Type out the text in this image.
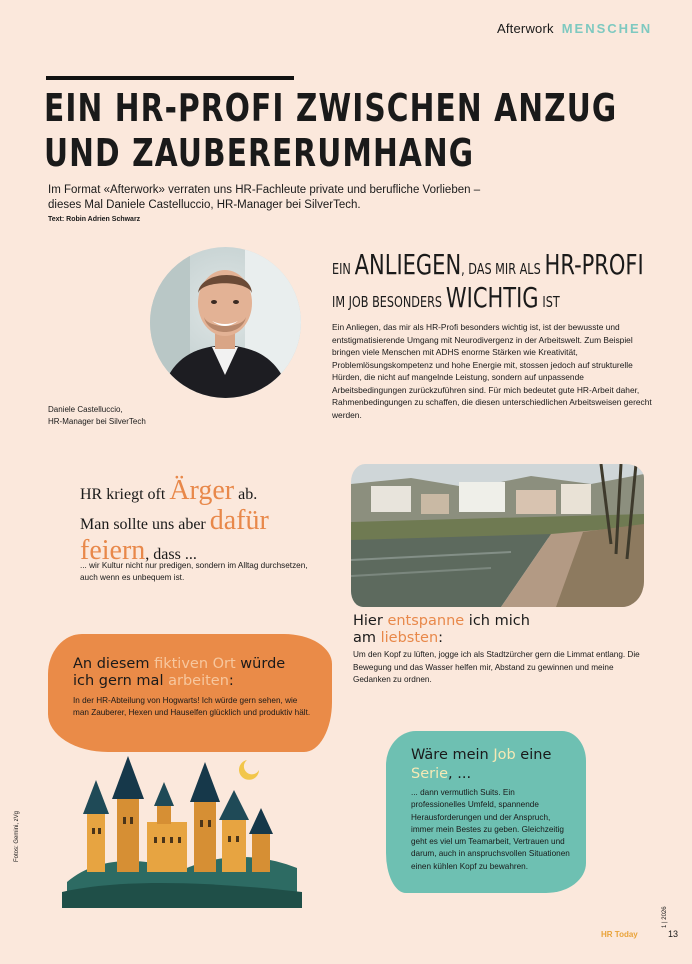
Afterwork MENSCHEN
EIN HR-PROFI ZWISCHEN ANZUG
UND ZAUBERERUMHANG
Im Format «Afterwork» verraten uns HR-Fachleute private und berufliche Vorlieben –
dieses Mal Daniele Castelluccio, HR-Manager bei SilverTech.
Text: Robin Adrien Schwarz
Daniele Castelluccio,
HR-Manager bei SilverTech
EIN ANLIEGEN, DAS MIR ALS HR-PROFI
IM JOB BESONDERS WICHTIG IST
Ein Anliegen, das mir als HR-Profi besonders wichtig ist, ist der bewusste und entstigmatisierende Umgang mit Neurodivergenz in der Arbeitswelt. Zum Beispiel bringen viele Menschen mit ADHS enorme Stärken wie Kreativität, Problemlösungskompetenz und hohe Energie mit, stossen jedoch auf strukturelle Hürden, die nicht auf mangelnde Leistung, sondern auf unpassende Arbeitsbedingungen zurückzuführen sind. Für mich bedeutet gute HR-Arbeit daher, Rahmenbedingungen zu schaffen, die diesen unterschiedlichen Arbeitsweisen gerecht werden.
HR kriegt oft Ärger ab.
Man sollte uns aber dafür
feiern, dass ...
... wir Kultur nicht nur predigen, sondern im Alltag durchsetzen, auch wenn es unbequem ist.
Hier entspanne ich mich
am liebsten:
Um den Kopf zu lüften, jogge ich als Stadtzürcher gern die Limmat entlang. Die Bewegung und das Wasser helfen mir, Abstand zu gewinnen und meine Gedanken zu ordnen.
An diesem fiktiven Ort würde
ich gern mal arbeiten:
In der HR-Abteilung von Hogwarts! Ich würde gern sehen, wie man Zauberer, Hexen und Hauselfen glücklich und produktiv hält.
Wäre mein Job eine
Serie, ...
... dann vermutlich Suits. Ein professionelles Umfeld, spannende Herausforderungen und der Anspruch, immer mein Bestes zu geben. Gleichzeitig geht es viel um Teamarbeit, Vertrauen und darum, auch in anspruchsvollen Situationen einen kühlen Kopf zu bewahren.
Fotos: Gemini, zVg
1 | 2026
HR Today	13
